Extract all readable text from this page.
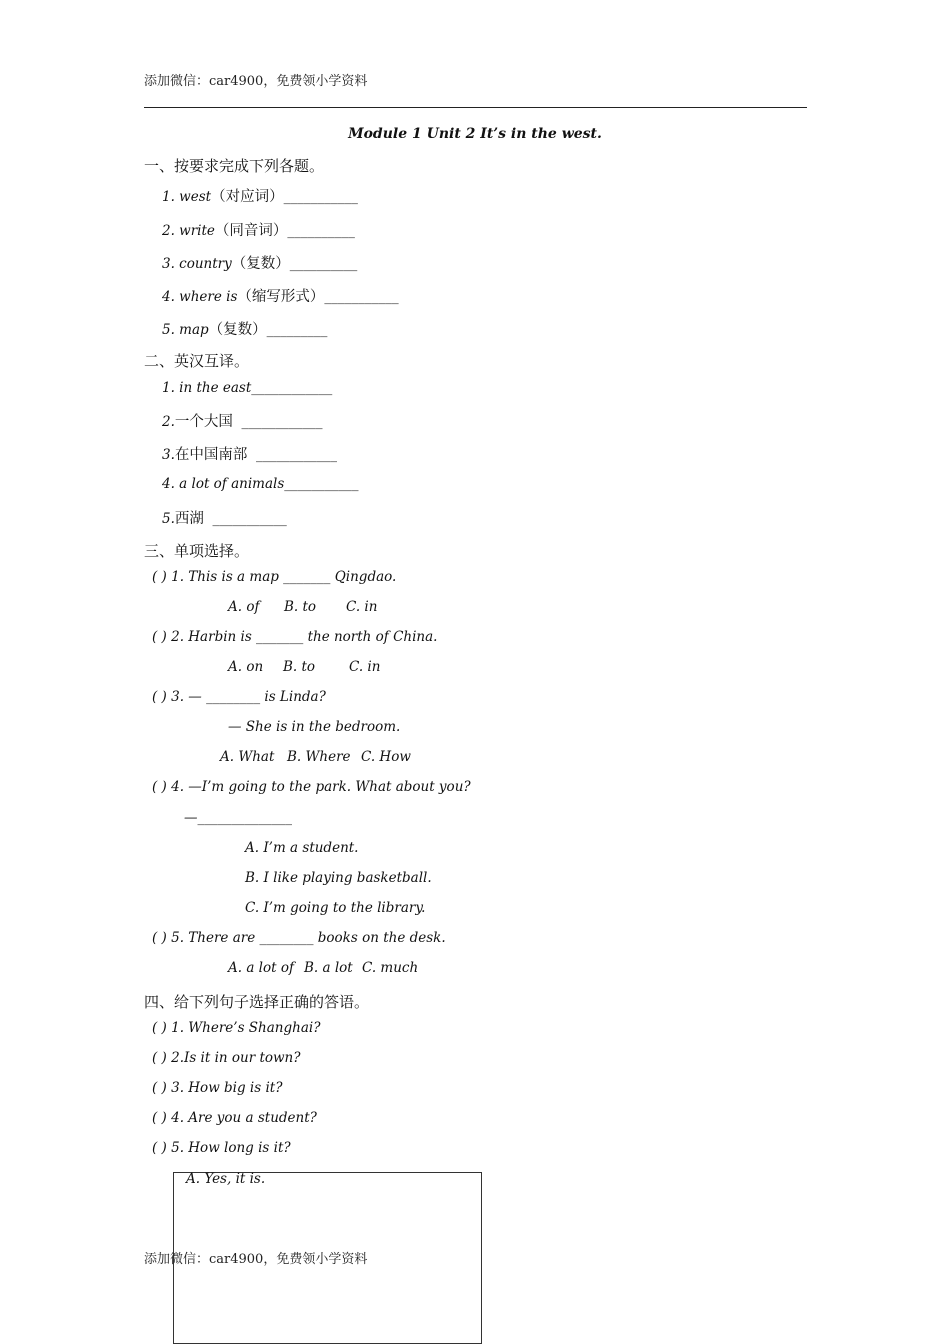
添加微信：car4900，免费领小学资料
Module 1 Unit 2 It’s in the west.
一、按要求完成下列各题。
1. west（对应词）___________
2. write（同音词）__________
3. country（复数）__________
4. where is（缩写形式）___________
5. map（复数）_________
二、英汉互译。
1. in the east____________
2.一个大国 ____________
3.在中国南部 ____________
4. a lot of animals___________
5.西湖 ___________
三、单项选择。
( ) 1. This is a map _______ Qingdao.
A. of B. to C. in
( ) 2. Harbin is _______ the north of China.
A. on B. to	C. in
( ) 3. — ________ is Linda?
— She is in the bedroom.
A. What B. Where C. How
( ) 4. —I’m going to the park. What about you?
—______________
A. I’m a student.
B. I like playing basketball.
C. I’m going to the library.
( ) 5. There are ________ books on the desk.
A. a lot of B. a lot C. much
四、给下列句子选择正确的答语。
( ) 1. Where’s Shanghai?
( ) 2.Is it in our town?
( ) 3. How big is it?
( ) 4. Are you a student?
( ) 5. How long is it?
A. Yes, it is.
添加微信：car4900，免费领小学资料
